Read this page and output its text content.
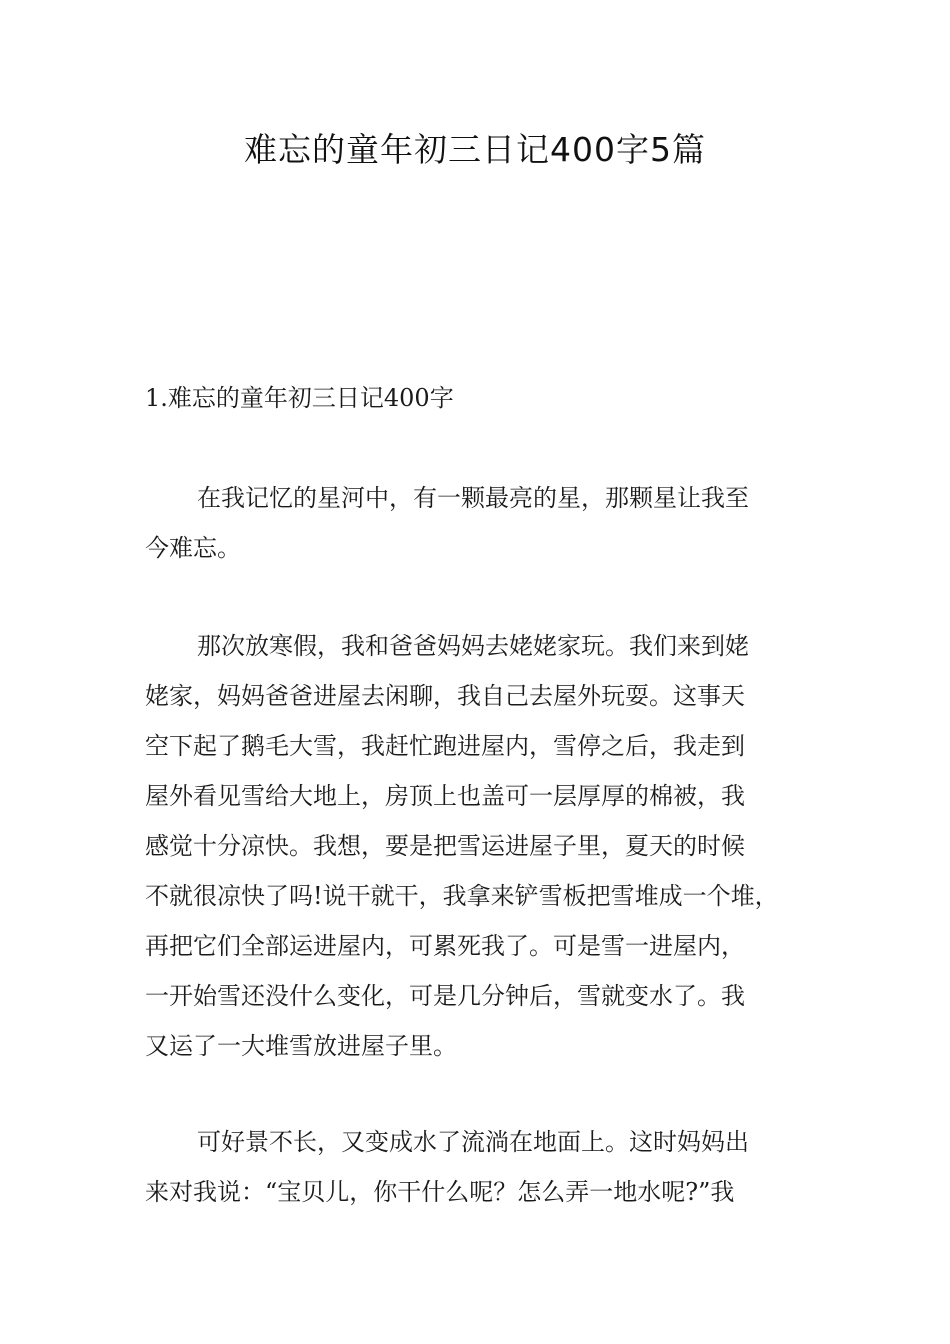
难忘的童年初三日记400字5篇
1.难忘的童年初三日记400字

在我记忆的星河中，有一颗最亮的星，那颗星让我至
今难忘。

那次放寒假，我和爸爸妈妈去姥姥家玩。我们来到姥
姥家，妈妈爸爸进屋去闲聊，我自己去屋外玩耍。这事天
空下起了鹅毛大雪，我赶忙跑进屋内，雪停之后，我走到
屋外看见雪给大地上，房顶上也盖可一层厚厚的棉被，我
感觉十分凉快。我想，要是把雪运进屋子里，夏天的时候
不就很凉快了吗!说干就干，我拿来铲雪板把雪堆成一个堆，
再把它们全部运进屋内，可累死我了。可是雪一进屋内，
一开始雪还没什么变化，可是几分钟后，雪就变水了。我
又运了一大堆雪放进屋子里。

可好景不长，又变成水了流淌在地面上。这时妈妈出
来对我说：“宝贝儿，你干什么呢？怎么弄一地水呢?”我
